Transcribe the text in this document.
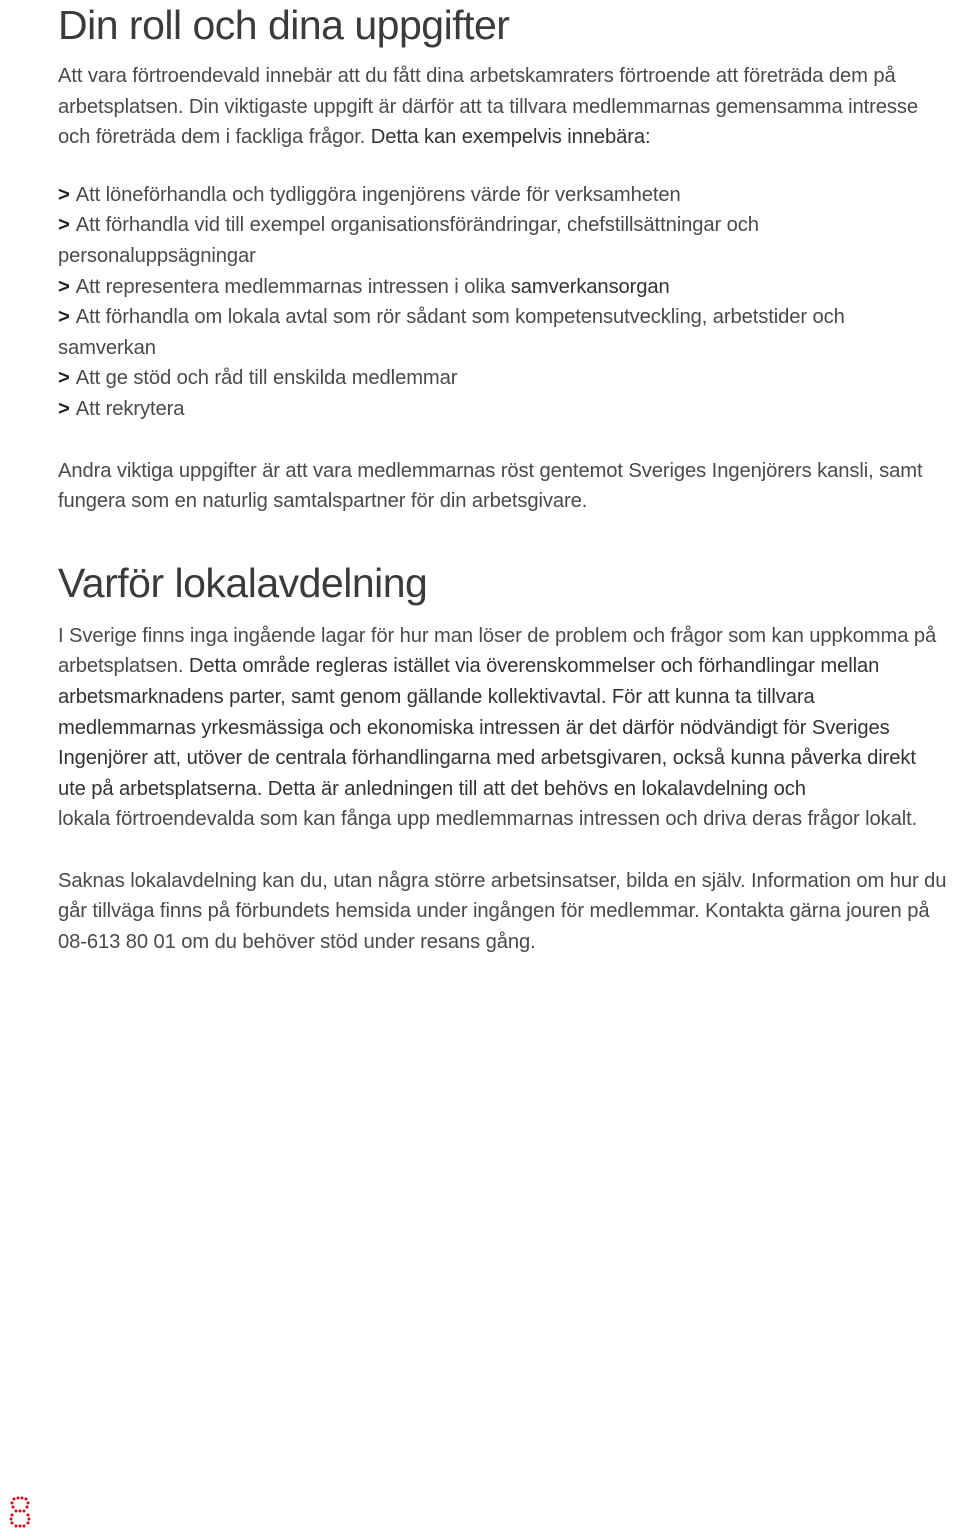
Din roll och dina uppgifter

Att vara förtroendevald innebär att du fått dina arbetskamraters förtroende att företräda dem på arbetsplatsen. Din viktigaste uppgift är därför att ta tillvara medlemmarnas gemensamma intresse och företräda dem i fackliga frågor. Detta kan exempelvis innebära:

> Att löneförhandla och tydliggöra ingenjörens värde för verksamheten
> Att förhandla vid till exempel organisationsförändringar, chefstillsättningar och personaluppsägningar
> Att representera medlemmarnas intressen i olika samverkansorgan
> Att förhandla om lokala avtal som rör sådant som kompetensutveckling, arbetstider och samverkan
> Att ge stöd och råd till enskilda medlemmar
> Att rekrytera

Andra viktiga uppgifter är att vara medlemmarnas röst gentemot Sveriges Ingenjörers kansli, samt fungera som en naturlig samtalspartner för din arbetsgivare.

Varför lokalavdelning

I Sverige finns inga ingående lagar för hur man löser de problem och frågor som kan uppkomma på arbetsplatsen. Detta område regleras istället via överenskommelser och förhandlingar mellan arbetsmarknadens parter, samt genom gällande kollektivavtal. För att kunna ta tillvara medlemmarnas yrkesmässiga och ekonomiska intressen är det därför nödvändigt för Sveriges Ingenjörer att, utöver de centrala förhandlingarna med arbetsgivaren, också kunna påverka direkt ute på arbetsplatserna. Detta är anledningen till att det behövs en lokalavdelning och

lokala förtroendevalda som kan fånga upp medlemmarnas intressen och driva deras frågor lokalt.

Saknas lokalavdelning kan du, utan några större arbetsinsatser, bilda en själv. Information om hur du går tillväga finns på förbundets hemsida under ingången för medlemmar. Kontakta gärna jouren på 08-613 80 01 om du behöver stöd under resans gång.
